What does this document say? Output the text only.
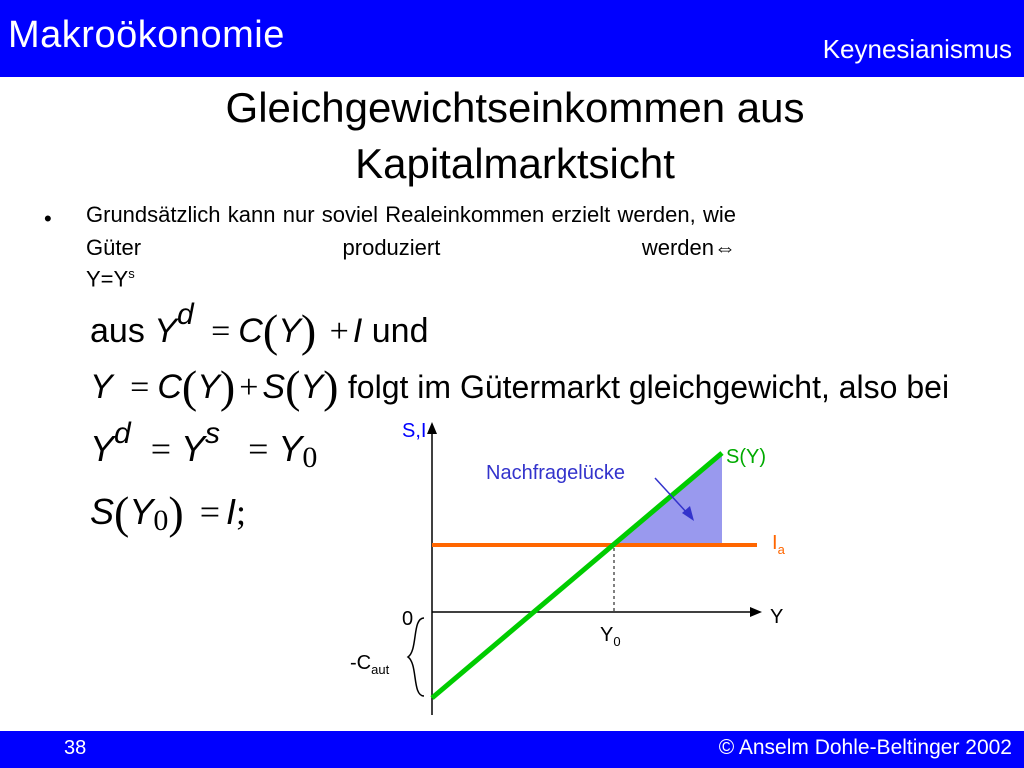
Makroökonomie	Keynesianismus
Gleichgewichtseinkommen aus
Kapitalmarktsicht
• Grundsätzlich kann nur soviel Realeinkommen erzielt werden, wie Güter produziert werden⇔
$Y=Y^s$
aus Yd = C(Y) + I und
Y = C(Y) + S(Y) folgt im Gütermarkt gleichgewicht, also bei
$Y^d = Y^s = Y0$
S(Y0) = I;
S,I
S(Y)
Nachfragelücke
$I_a$
Y
0
$Y_0$
$-C_{aut}$
38	© Anselm Dohle-Beltinger 2002
